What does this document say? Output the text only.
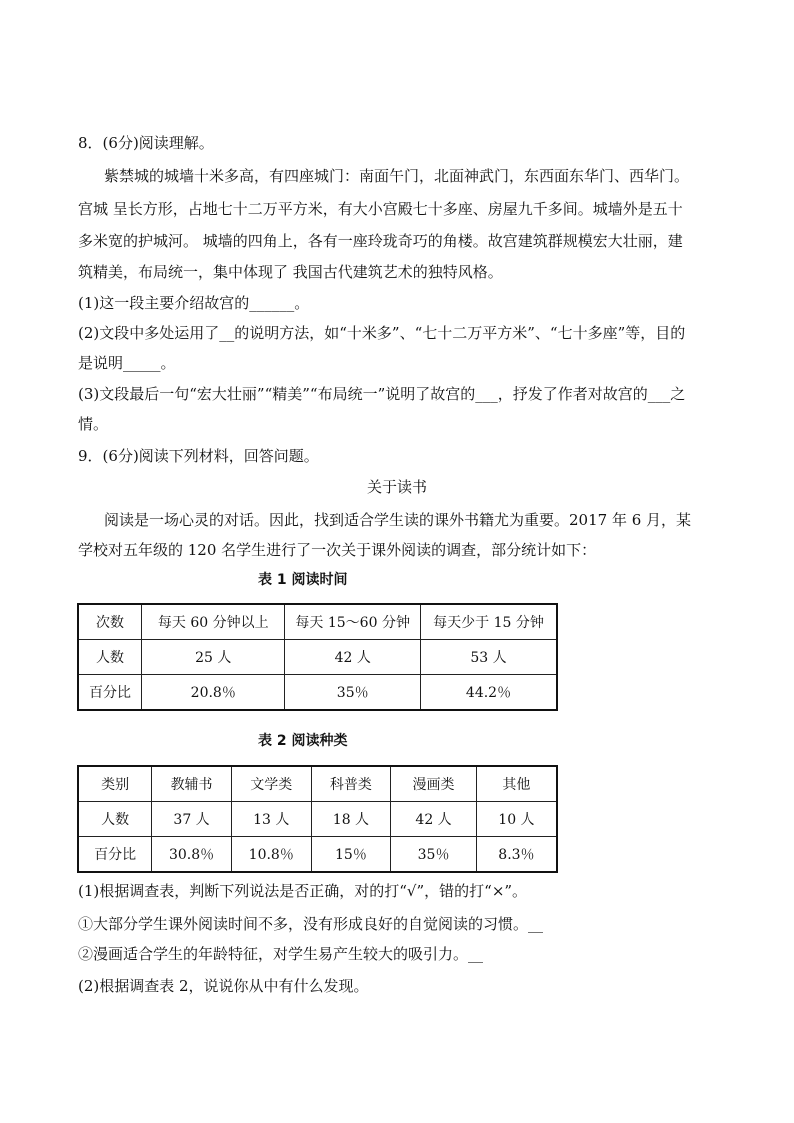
8．(6分)阅读理解。
紫禁城的城墙十米多高，有四座城门：南面午门，北面神武门，东西面东华门、西华门。
宫城 呈长方形，占地七十二万平方米，有大小宫殿七十多座、房屋九千多间。城墙外是五十
多米宽的护城河。 城墙的四角上，各有一座玲珑奇巧的角楼。故宫建筑群规模宏大壮丽，建
筑精美，布局统一，集中体现了 我国古代建筑艺术的独特风格。
(1)这一段主要介绍故宫的______。
(2)文段中多处运用了__的说明方法，如“十米多”、“七十二万平方米”、“七十多座”等，目的
是说明_____。
(3)文段最后一句“宏大壮丽”“精美”“布局统一”说明了故宫的___，抒发了作者对故宫的___之
情。
9．(6分)阅读下列材料，回答问题。
关于读书
阅读是一场心灵的对话。因此，找到适合学生读的课外书籍尤为重要。2017 年 6 月，某
学校对五年级的 120 名学生进行了一次关于课外阅读的调查，部分统计如下：
表 1 阅读时间
次数	每天 60 分钟以上	每天 15～60 分钟	每天少于 15 分钟
人数	25 人	42 人	53 人
百分比	20.8％	35％	44.2％
表 2 阅读种类
类别	教辅书	文学类	科普类	漫画类	其他
人数	37 人	13 人	18 人	42 人	10 人
百分比	30.8％	10.8％	15％	35％	8.3％
(1)根据调查表，判断下列说法是否正确，对的打“√”，错的打“×”。
①大部分学生课外阅读时间不多，没有形成良好的自觉阅读的习惯。__
②漫画适合学生的年龄特征，对学生易产生较大的吸引力。__
(2)根据调查表 2，说说你从中有什么发现。
